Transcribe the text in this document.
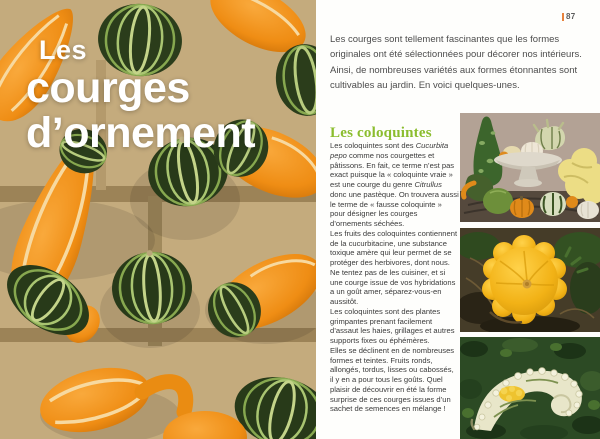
Les
courges
d’ornement
87
Les courges sont tellement fascinantes que les formes originales ont été sélectionnées pour décorer nos intérieurs. Ainsi, de nombreuses variétés aux formes étonnantes sont cultivables au jardin. En voici quelques-unes.
Les coloquintes

Les coloquintes sont des Cucurbita pepo comme nos courgettes et pâtissons. En fait, ce terme n’est pas exact puisque la « coloquinte vraie » est une courge du genre Citrullus donc une pastèque. On trouvera aussi le terme de « fausse coloquinte » pour désigner les courges d’ornements séchées.

Les fruits des coloquintes contiennent de la cucurbitacine, une substance toxique amère qui leur permet de se protéger des herbivores, dont nous. Ne tentez pas de les cuisiner, et si une courge issue de vos hybridations a un goût amer, séparez-vous-en aussitôt.

Les coloquintes sont des plantes grimpantes prenant facilement d’assaut les haies, grillages et autres supports fixes ou éphémères.

Elles se déclinent en de nombreuses formes et teintes. Fruits ronds, allongés, tordus, lisses ou cabossés, il y en a pour tous les goûts. Quel plaisir de découvrir en été la forme surprise de ces courges issues d’un sachet de semences en mélange !
